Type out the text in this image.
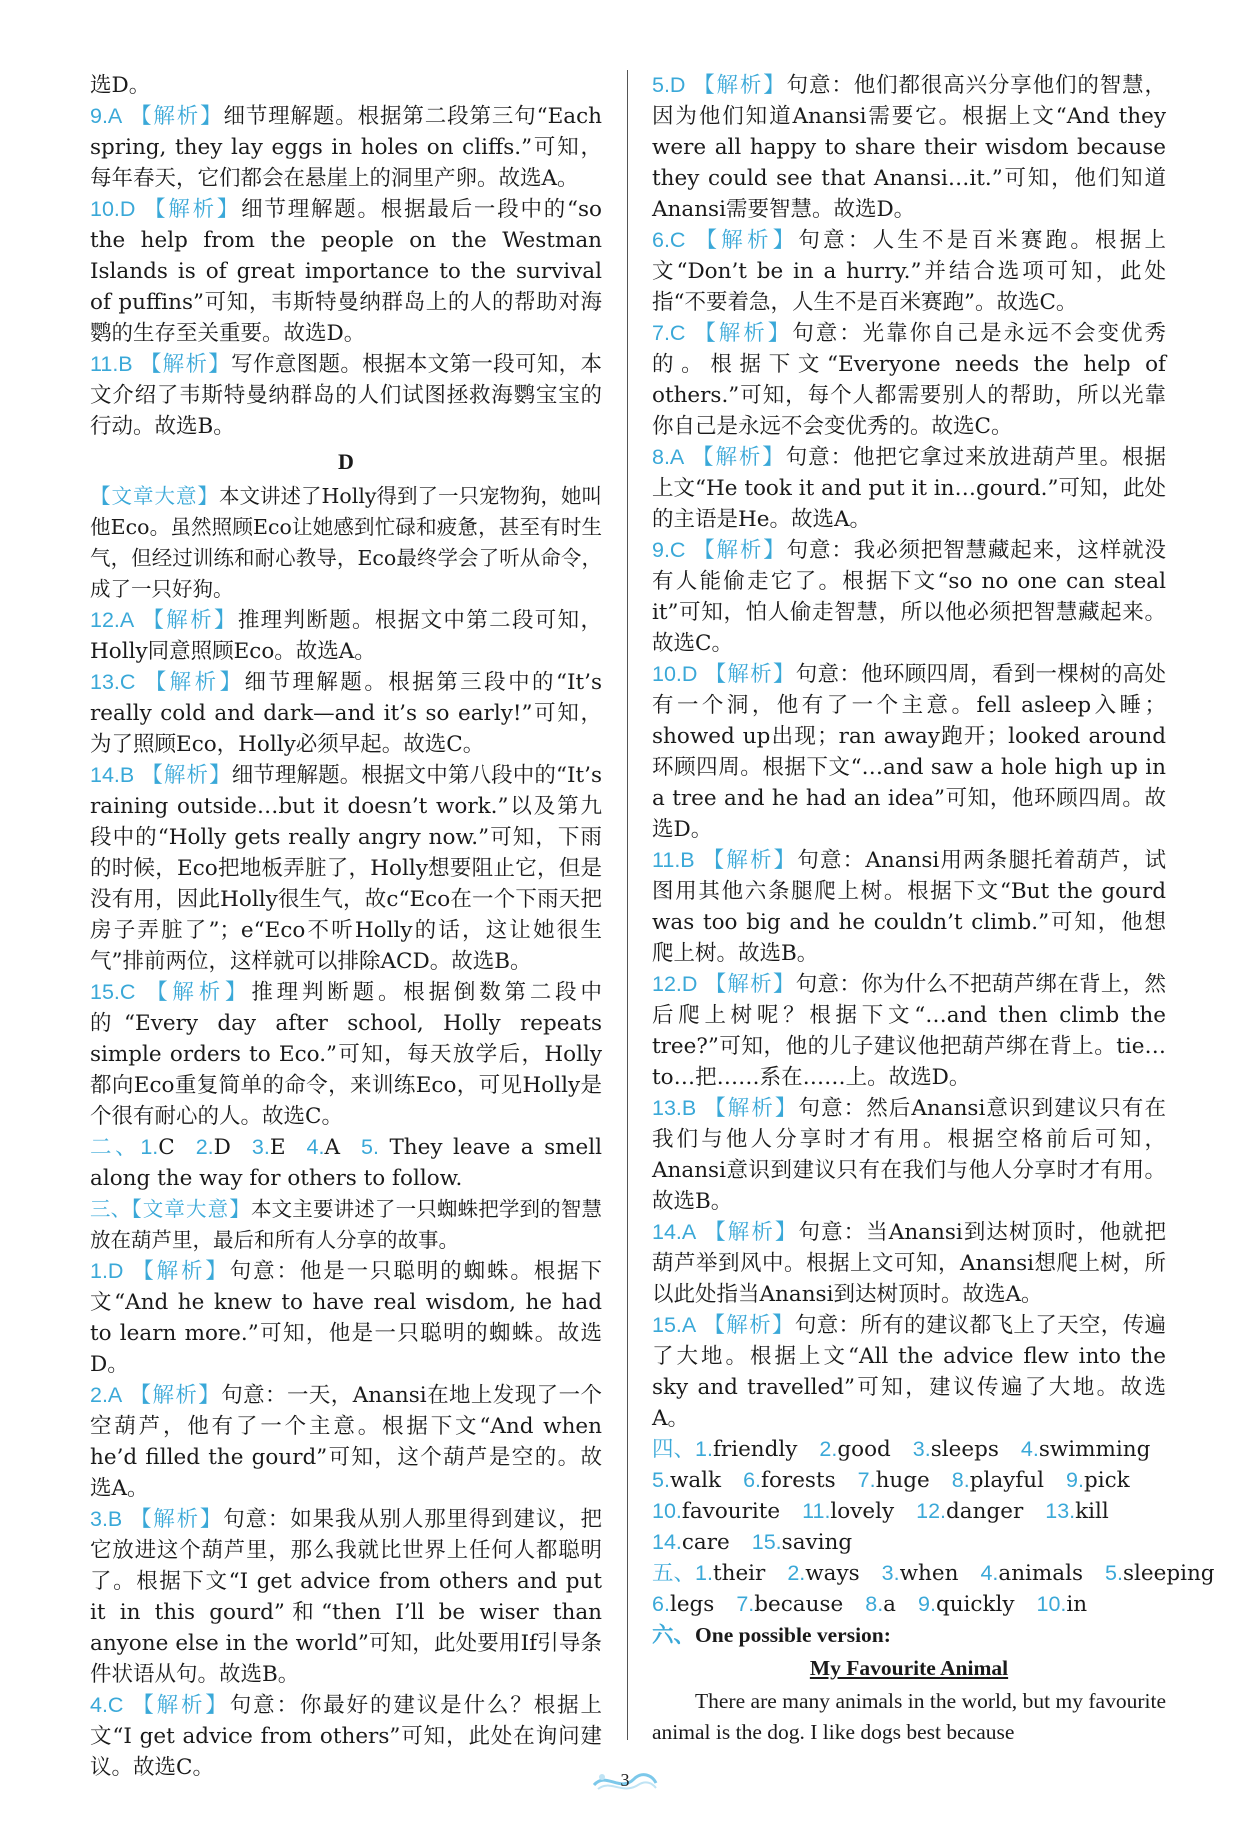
选D。

9.A 【解析】细节理解题。根据第二段第三句“Each spring, they lay eggs in holes on cliffs.”可知，每年春天，它们都会在悬崖上的洞里产卵。故选A。

10.D 【解析】细节理解题。根据最后一段中的“so the help from the people on the Westman Islands is of great importance to the survival of puffins”可知，韦斯特曼纳群岛上的人的帮助对海鹦的生存至关重要。故选D。

11.B 【解析】写作意图题。根据本文第一段可知，本文介绍了韦斯特曼纳群岛的人们试图拯救海鹦宝宝的行动。故选B。

D

【文章大意】本文讲述了Holly得到了一只宠物狗，她叫他Eco。虽然照顾Eco让她感到忙碌和疲惫，甚至有时生气，但经过训练和耐心教导，Eco最终学会了听从命令，成了一只好狗。

12.A 【解析】推理判断题。根据文中第二段可知，Holly同意照顾Eco。故选A。

13.C 【解析】细节理解题。根据第三段中的“It’s really cold and dark—and it’s so early!”可知，为了照顾Eco，Holly必须早起。故选C。

14.B 【解析】细节理解题。根据文中第八段中的“It’s raining outside…but it doesn’t work.”以及第九段中的“Holly gets really angry now.”可知，下雨的时候，Eco把地板弄脏了，Holly想要阻止它，但是没有用，因此Holly很生气，故c“Eco在一个下雨天把房子弄脏了”；e“Eco不听Holly的话，这让她很生气”排前两位，这样就可以排除ACD。故选B。

15.C 【解析】推理判断题。根据倒数第二段中的“Every day after school, Holly repeats simple orders to Eco.”可知，每天放学后，Holly都向Eco重复简单的命令，来训练Eco，可见Holly是个很有耐心的人。故选C。

二、1.C 2.D 3.E 4.A 5. They leave a smell along the way for others to follow.

三、【文章大意】本文主要讲述了一只蜘蛛把学到的智慧放在葫芦里，最后和所有人分享的故事。

1.D 【解析】句意：他是一只聪明的蜘蛛。根据下文“And he knew to have real wisdom, he had to learn more.”可知，他是一只聪明的蜘蛛。故选D。

2.A 【解析】句意：一天，Anansi在地上发现了一个空葫芦，他有了一个主意。根据下文“And when he’d filled the gourd”可知，这个葫芦是空的。故选A。

3.B 【解析】句意：如果我从别人那里得到建议，把它放进这个葫芦里，那么我就比世界上任何人都聪明了。根据下文“I get advice from others and put it in this gourd”和“then I’ll be wiser than anyone else in the world”可知，此处要用If引导条件状语从句。故选B。

4.C 【解析】句意：你最好的建议是什么？根据上文“I get advice from others”可知，此处在询问建议。故选C。

5.D 【解析】句意：他们都很高兴分享他们的智慧，因为他们知道Anansi需要它。根据上文“And they were all happy to share their wisdom because they could see that Anansi…it.”可知，他们知道Anansi需要智慧。故选D。

6.C 【解析】句意：人生不是百米赛跑。根据上文“Don’t be in a hurry.”并结合选项可知，此处指“不要着急，人生不是百米赛跑”。故选C。

7.C 【解析】句意：光靠你自己是永远不会变优秀的。根据下文“Everyone needs the help of others.”可知，每个人都需要别人的帮助，所以光靠你自己是永远不会变优秀的。故选C。

8.A 【解析】句意：他把它拿过来放进葫芦里。根据上文“He took it and put it in…gourd.”可知，此处的主语是He。故选A。

9.C 【解析】句意：我必须把智慧藏起来，这样就没有人能偷走它了。根据下文“so no one can steal it”可知，怕人偷走智慧，所以他必须把智慧藏起来。故选C。

10.D 【解析】句意：他环顾四周，看到一棵树的高处有一个洞，他有了一个主意。fell asleep入睡；showed up出现；ran away跑开；looked around环顾四周。根据下文“…and saw a hole high up in a tree and he had an idea”可知，他环顾四周。故选D。

11.B 【解析】句意：Anansi用两条腿托着葫芦，试图用其他六条腿爬上树。根据下文“But the gourd was too big and he couldn’t climb.”可知，他想爬上树。故选B。

12.D 【解析】句意：你为什么不把葫芦绑在背上，然后爬上树呢？根据下文“…and then climb the tree?”可知，他的儿子建议他把葫芦绑在背上。tie…to…把……系在……上。故选D。

13.B 【解析】句意：然后Anansi意识到建议只有在我们与他人分享时才有用。根据空格前后可知，Anansi意识到建议只有在我们与他人分享时才有用。故选B。

14.A 【解析】句意：当Anansi到达树顶时，他就把葫芦举到风中。根据上文可知，Anansi想爬上树，所以此处指当Anansi到达树顶时。故选A。

15.A 【解析】句意：所有的建议都飞上了天空，传遍了大地。根据上文“All the advice flew into the sky and travelled”可知，建议传遍了大地。故选A。

四、1.friendly 2.good 3.sleeps 4.swimming
5.walk 6.forests 7.huge 8.playful 9.pick
10.favourite 11.lovely 12.danger 13.kill
14.care 15.saving
五、1.their 2.ways 3.when 4.animals 5.sleeping
6.legs 7.because 8.a 9.quickly 10.in

六、One possible version:

My Favourite Animal

There are many animals in the world, but my favourite animal is the dog. I like dogs best because

3
